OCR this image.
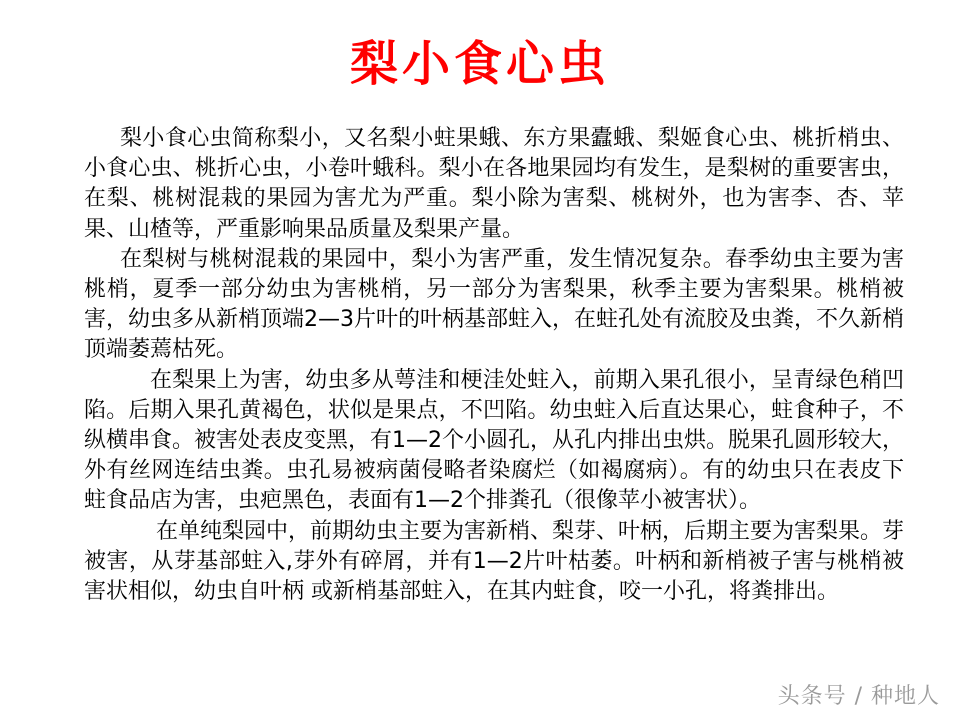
梨小食心虫

梨小食心虫简称梨小，又名梨小蛀果蛾、东方果蠹蛾、梨姬食心虫、桃折梢虫、小食心虫、桃折心虫，小卷叶蛾科。梨小在各地果园均有发生，是梨树的重要害虫，在梨、桃树混栽的果园为害尤为严重。梨小除为害梨、桃树外，也为害李、杏、苹果、山楂等，严重影响果品质量及梨果产量。

在梨树与桃树混栽的果园中，梨小为害严重，发生情况复杂。春季幼虫主要为害桃梢，夏季一部分幼虫为害桃梢，另一部分为害梨果，秋季主要为害梨果。桃梢被害，幼虫多从新梢顶端2—3片叶的叶柄基部蛀入，在蛀孔处有流胶及虫粪，不久新梢顶端萎蔫枯死。

在梨果上为害，幼虫多从萼洼和梗洼处蛀入，前期入果孔很小，呈青绿色稍凹陷。后期入果孔黄褐色，状似是果点，不凹陷。幼虫蛀入后直达果心，蛀食种子，不纵横串食。被害处表皮变黑，有1—2个小圆孔，从孔内排出虫烘。脱果孔圆形较大，外有丝网连结虫粪。虫孔易被病菌侵略者染腐烂（如褐腐病）。有的幼虫只在表皮下蛀食品店为害，虫疤黑色，表面有1—2个排粪孔（很像苹小被害状）。

在单纯梨园中，前期幼虫主要为害新梢、梨芽、叶柄，后期主要为害梨果。芽被害，从芽基部蛀入,芽外有碎屑，并有1—2片叶枯萎。叶柄和新梢被子害与桃梢被害状相似，幼虫自叶柄 或新梢基部蛀入，在其内蛀食，咬一小孔，将粪排出。

头条号 / 种地人
